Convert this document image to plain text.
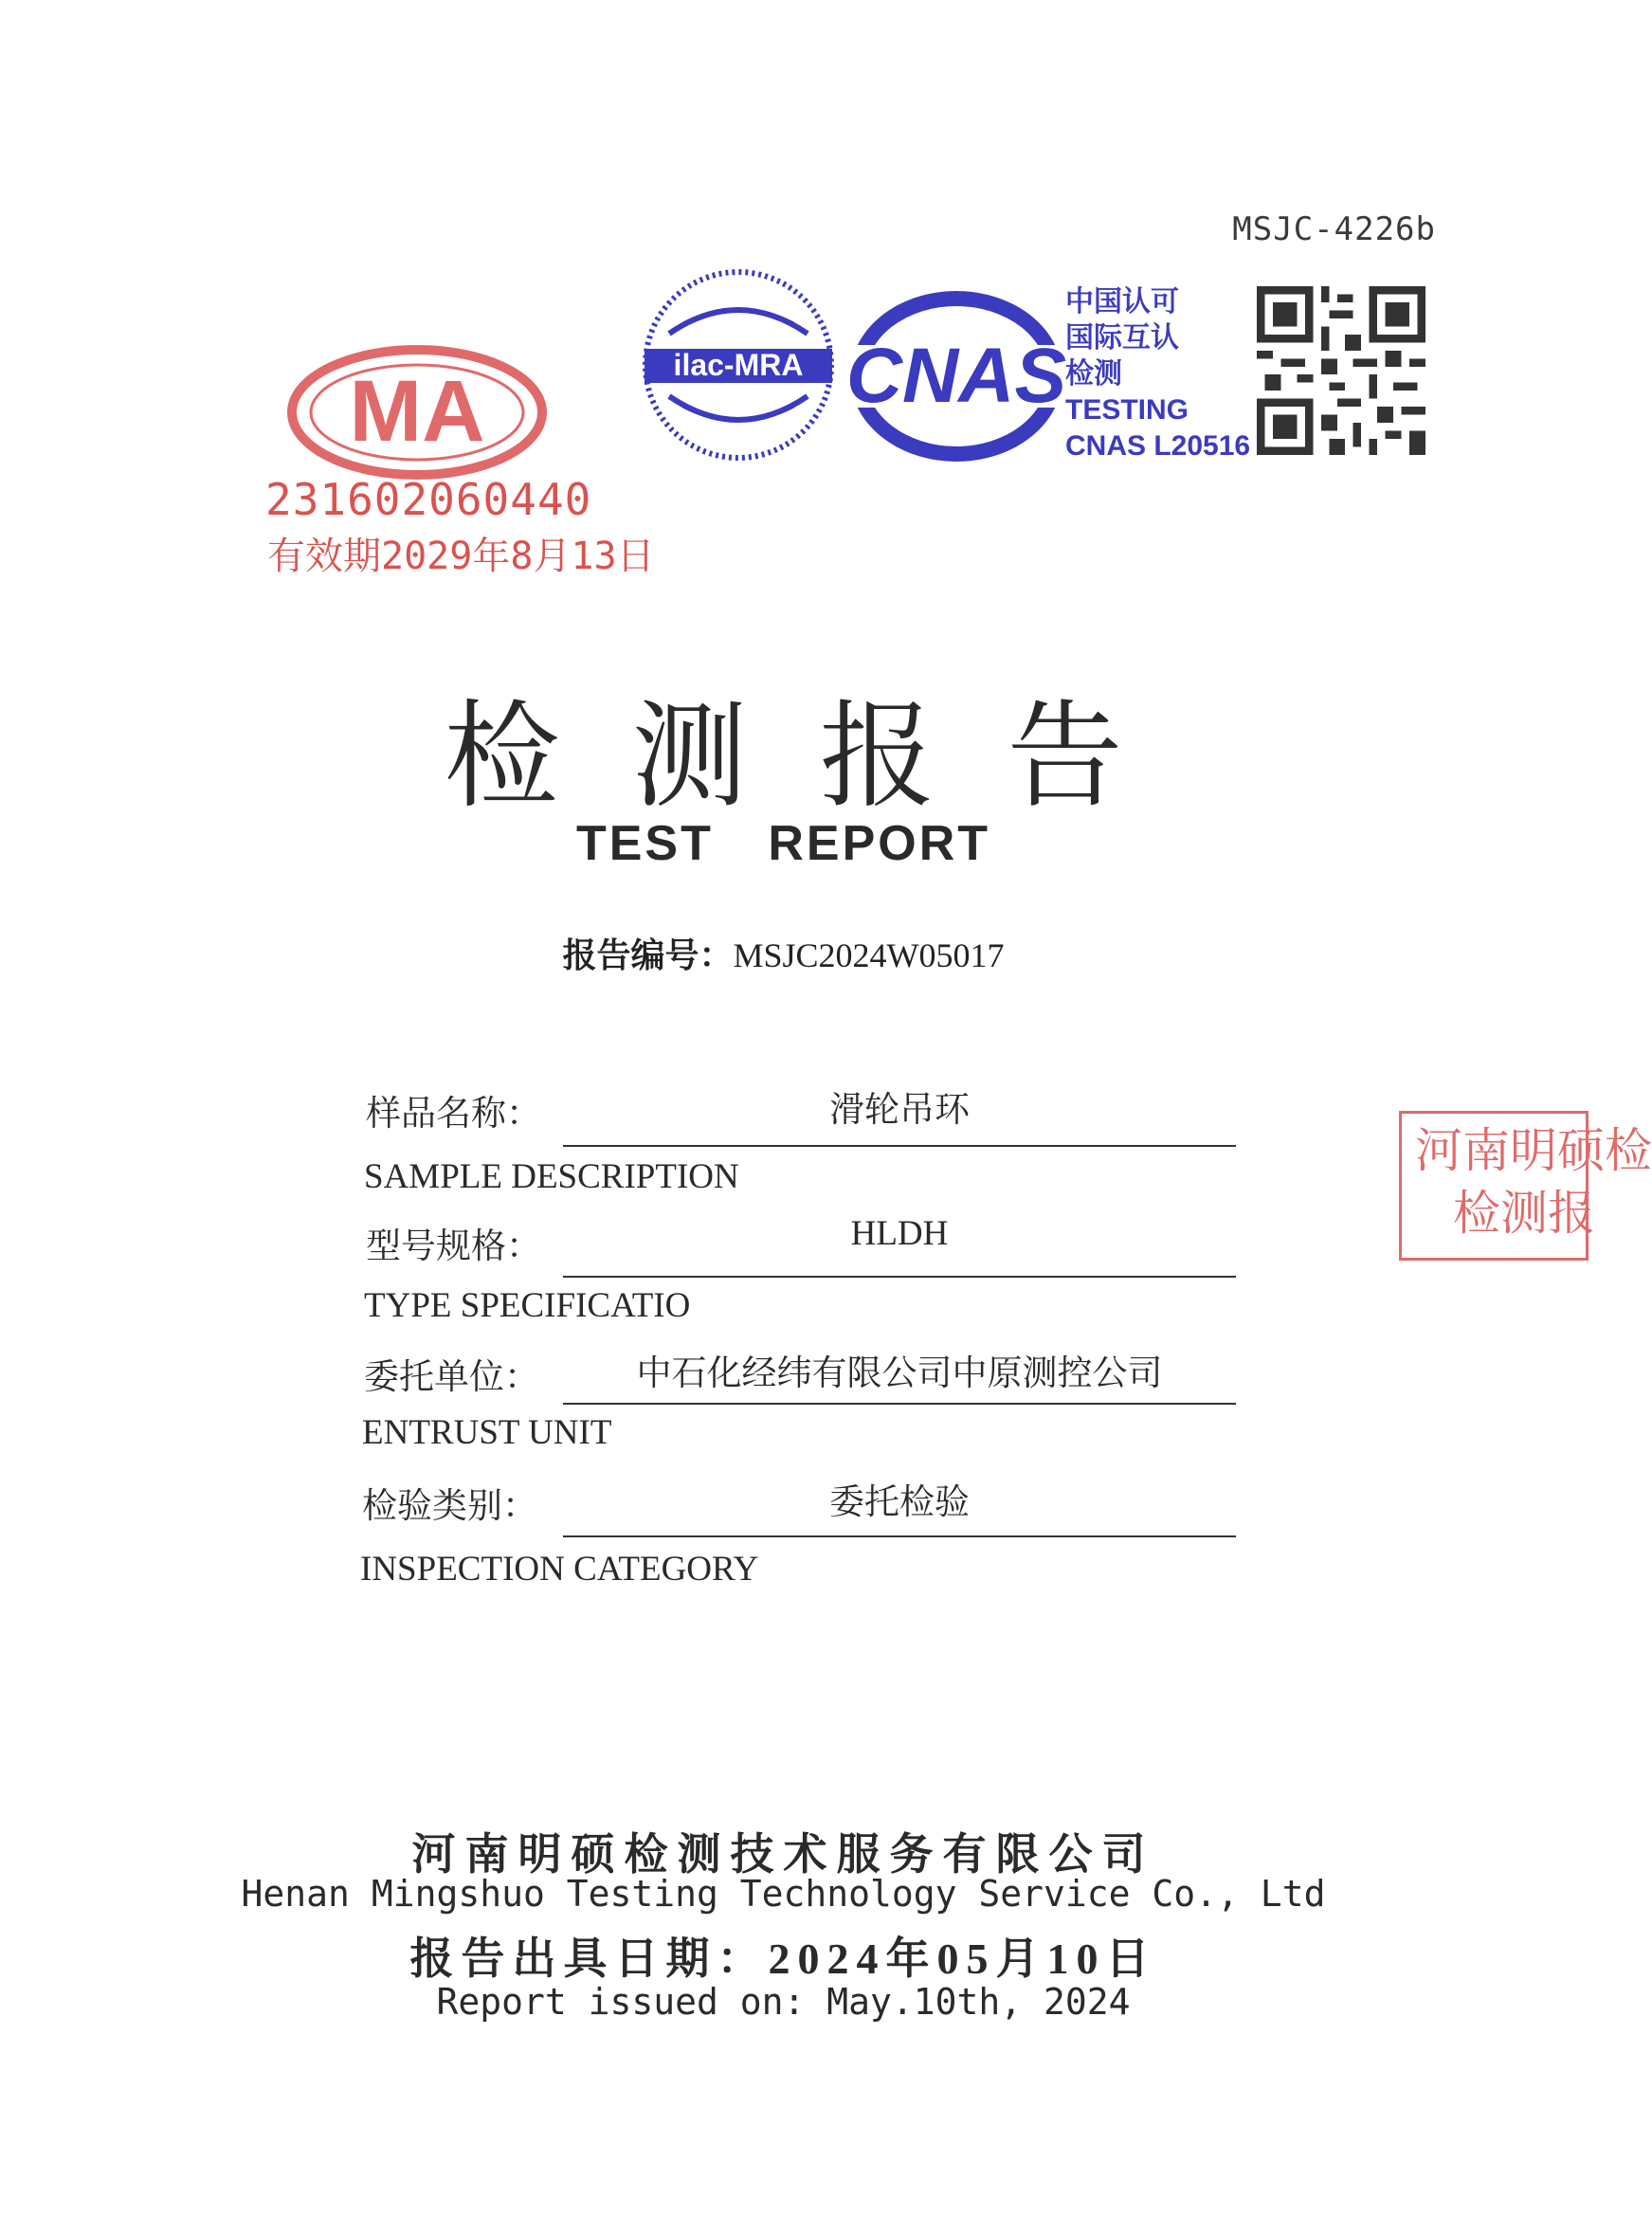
MSJC-4226b
MA
231602060440
有效期2029年8月13日
ilac-MRA CNAS
中国认可
国际互认
检测
TESTING
CNAS L20516
检测报告
TEST REPORT
报告编号：MSJC2024W05017
样品名称：	滑轮吊环
SAMPLE DESCRIPTION
型号规格：	HLDH
TYPE SPECIFICATIO
委托单位：	中石化经纬有限公司中原测控公司
ENTRUST UNIT
检验类别：	委托检验
INSPECTION CATEGORY
河南明硕检
检测报
河南明硕检测技术服务有限公司
Henan Mingshuo Testing Technology Service Co., Ltd
报告出具日期：2024年05月10日
Report issued on: May.10th, 2024
